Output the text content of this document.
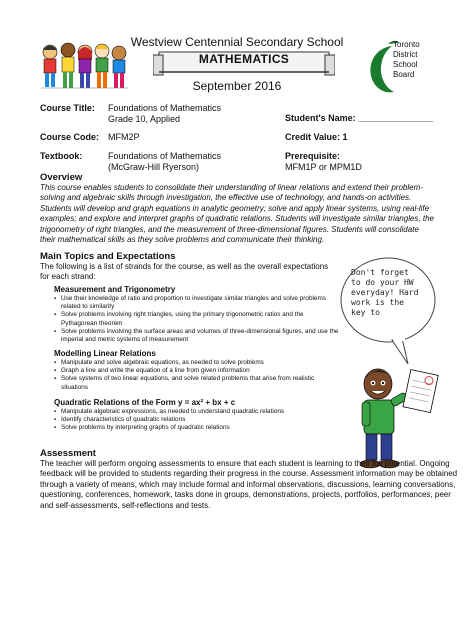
Westview Centennial Secondary School
MATHEMATICS
September 2016
Toronto
District
School
Board
Course Title: Foundations of Mathematics
Grade 10, Applied	Student's Name: _______________
Course Code: MFM2P	Credit Value: 1
Textbook:	Foundations of Mathematics
(McGraw-Hill Ryerson)
Prerequisite:
MFM1P or MPM1D
Overview
This course enables students to consolidate their understanding of linear relations and extend their problem-solving and algebraic skills through investigation, the effective use of technology, and hands-on activities. Students will develop and graph equations in analytic geometry; solve and apply linear systems, using real-life examples; and explore and interpret graphs of quadratic relations. Students will investigate similar triangles, the trigonometry of right triangles, and the measurement of three-dimensional figures. Students will consolidate their mathematical skills as they solve problems and communicate their thinking.
Main Topics and Expectations
The following is a list of strands for the course, as well as the overall expectations for each strand:
Measurement and Trigonometry
▪ Use their knowledge of ratio and proportion to investigate similar triangles and solve problems related to similarity
▪ Solve problems involving right triangles, using the primary trigonometric ratios and the Pythagorean theorem
▪ Solve problems involving the surface areas and volumes of three-dimensional figures, and use the imperial and metric systems of measurement
Modelling Linear Relations
▪ Manipulate and solve algebraic equations, as needed to solve problems
▪ Graph a line and write the equation of a line from given information
▪ Solve systems of two linear equations, and solve related problems that arise from realistic situations
Quadratic Relations of the Form y = ax² + bx + c
▪ Manipulate algebraic expressions, as needed to understand quadratic relations
▪ Identify characteristics of quadratic relations
▪ Solve problems by interpreting graphs of quadratic relations
Don't forget to do your HW everyday! Hard work is the key to
Assessment
The teacher will perform ongoing assessments to ensure that each student is learning to their full potential. Ongoing feedback will be provided to students regarding their progress in the course. Assessment information may be obtained through a variety of means, which may include formal and informal observations, discussions, learning conversations, questioning, conferences, homework, tasks done in groups, demonstrations, projects, portfolios, performances, peer and self-assessments, self-reflections and tests.
